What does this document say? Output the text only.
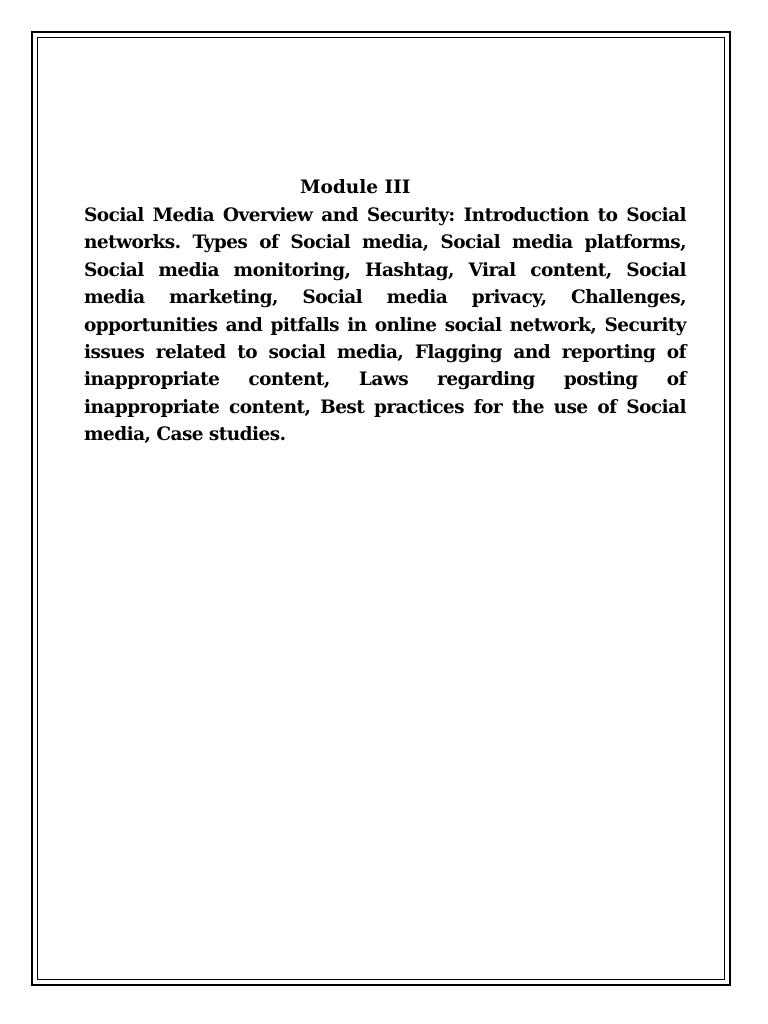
Module III

Social Media Overview and Security: Introduction to Social networks. Types of Social media, Social media platforms, Social media monitoring, Hashtag, Viral content, Social media marketing, Social media privacy, Challenges, opportunities and pitfalls in online social network, Security issues related to social media, Flagging and reporting of inappropriate content, Laws regarding posting of inappropriate content, Best practices for the use of Social media, Case studies.
